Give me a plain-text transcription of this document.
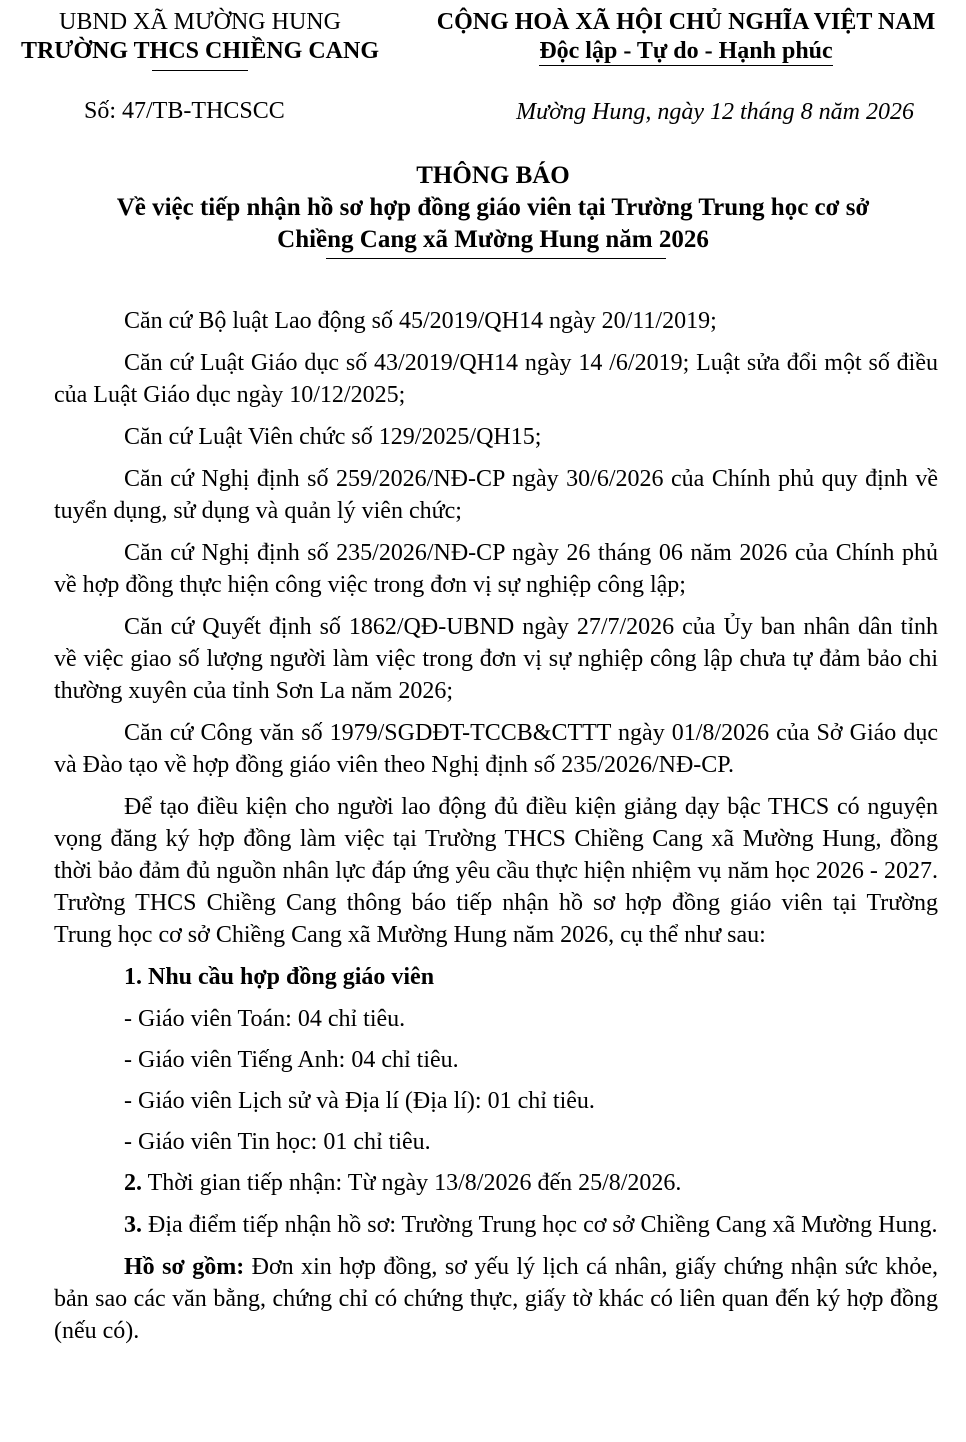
UBND XÃ MƯỜNG HUNG
TRƯỜNG THCS CHIỀNG CANG
CỘNG HOÀ XÃ HỘI CHỦ NGHĨA VIỆT NAM
Độc lập - Tự do - Hạnh phúc
Số: 47/TB-THCSCC	Mường Hung, ngày 12 tháng 8 năm 2026
THÔNG BÁO
Về việc tiếp nhận hồ sơ hợp đồng giáo viên tại Trường Trung học cơ sở
Chiềng Cang xã Mường Hung năm 2026

Căn cứ Bộ luật Lao động số 45/2019/QH14 ngày 20/11/2019;

Căn cứ Luật Giáo dục số 43/2019/QH14 ngày 14 /6/2019; Luật sửa đổi một số điều của Luật Giáo dục ngày 10/12/2025;

Căn cứ Luật Viên chức số 129/2025/QH15;

Căn cứ Nghị định số 259/2026/NĐ-CP ngày 30/6/2026 của Chính phủ quy định về tuyển dụng, sử dụng và quản lý viên chức;

Căn cứ Nghị định số 235/2026/NĐ-CP ngày 26 tháng 06 năm 2026 của Chính phủ về hợp đồng thực hiện công việc trong đơn vị sự nghiệp công lập;

Căn cứ Quyết định số 1862/QĐ-UBND ngày 27/7/2026 của Ủy ban nhân dân tỉnh về việc giao số lượng người làm việc trong đơn vị sự nghiệp công lập chưa tự đảm bảo chi thường xuyên của tỉnh Sơn La năm 2026;

Căn cứ Công văn số 1979/SGDĐT-TCCB&CTTT ngày 01/8/2026 của Sở Giáo dục và Đào tạo về hợp đồng giáo viên theo Nghị định số 235/2026/NĐ-CP.

Để tạo điều kiện cho người lao động đủ điều kiện giảng dạy bậc THCS có nguyện vọng đăng ký hợp đồng làm việc tại Trường THCS Chiềng Cang xã Mường Hung, đồng thời bảo đảm đủ nguồn nhân lực đáp ứng yêu cầu thực hiện nhiệm vụ năm học 2026 - 2027. Trường THCS Chiềng Cang thông báo tiếp nhận hồ sơ hợp đồng giáo viên tại Trường Trung học cơ sở Chiềng Cang xã Mường Hung năm 2026, cụ thể như sau:

1. Nhu cầu hợp đồng giáo viên

- Giáo viên Toán: 04 chỉ tiêu.

- Giáo viên Tiếng Anh: 04 chỉ tiêu.

- Giáo viên Lịch sử và Địa lí (Địa lí): 01 chỉ tiêu.

- Giáo viên Tin học: 01 chỉ tiêu.

2. Thời gian tiếp nhận: Từ ngày 13/8/2026 đến 25/8/2026.

3. Địa điểm tiếp nhận hồ sơ: Trường Trung học cơ sở Chiềng Cang xã Mường Hung.

Hồ sơ gồm: Đơn xin hợp đồng, sơ yếu lý lịch cá nhân, giấy chứng nhận sức khỏe, bản sao các văn bằng, chứng chỉ có chứng thực, giấy tờ khác có liên quan đến ký hợp đồng (nếu có).
